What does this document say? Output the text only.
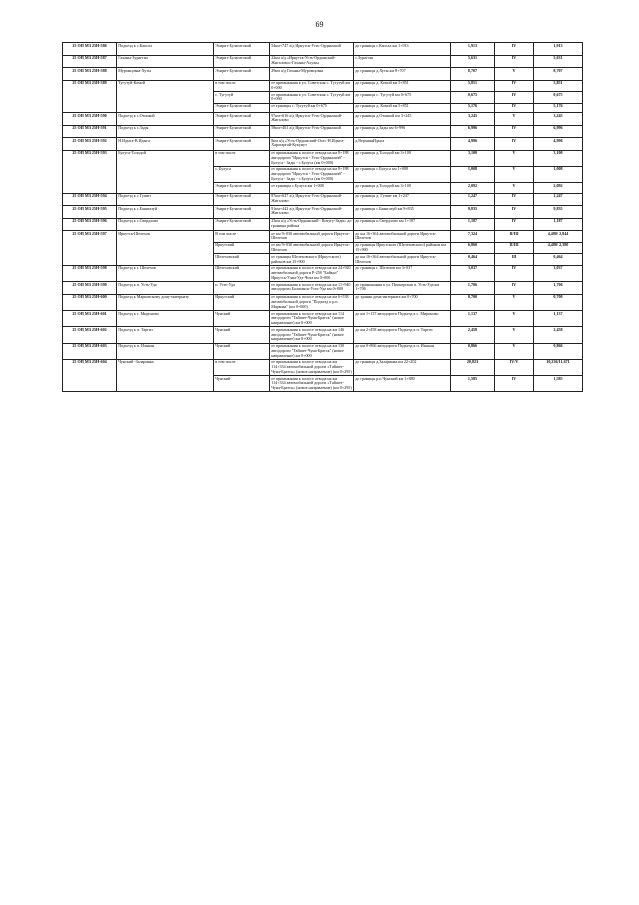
69
25 ОП МЗ 25Н-586	Подъезд к с.Капсал	Эхирит-Булагатский	54км+747 а/д Иркутск-Усть-Ордынский	до границы с.Капсал км 1+913	1,913	IV	1,913
25 ОП МЗ 25Н-587	Гаханы-Зурагган	Эхирит-Булагатский	22км а/д «Иркутск-Усть-Ордынский-Жигалово»-Гаханы-Алужы	с.Зурагган	5,631	IV	5,631
25 ОП МЗ 25Н-588	Муромцовка-Хуты	Эхирит-Булагатский	29км а/д Гаханы-Муромцовка	до границы д.Хуты км 8+707	8,707	V	8,707
25 ОП МЗ 25Н-589	Тугутуй-Комой	в том числе	от примыкания к ул. Советская с. Тугутуй км 0+000	до границы д. Комой км 5+851	5,851	IV	5,851
		с. Тугутуй	от примыкания к ул. Советская с. Тугутуй км 0+000	до границы с. Тугутуй км 0+675	0,675	IV	0,675
		Эхирит-Булагатский	от границы с. Тугутуй км 0+675	до границы д. Комой км 5+851	5,176	IV	5,176
25 ОП МЗ 25Н-590	Подъезд к с.Отонкой	Эхирит-Булагатский	97км+616 а/д Иркутск-Усть-Ордынский-Жигалово	до границы д.Отонкой км 3+245	3,245	V	3,245
25 ОП МЗ 25Н-591	Подъезд к с.Зады	Эхирит-Булагатский	58км+461 а/д Иркутск-Усть-Ордынский	до границы д.Зады км 6+996	6,996	IV	6,996
25 ОП МЗ 25Н-592	Н.Идыга-В.Идыга	Эхирит-Булагатский	8км а/д «Усть-Ордынский-Оса»-Н.Идыга-Харагаргай-Кукунут	д.ВерхняяИдыга	4,996	IV	4,996
25 ОП МЗ 25Н-593	Булуса-Толодой	в том числе	от примыкания к полосе отвода на км 8+188 автодороги "Иркутск - Усть-Ордынский" - Булуса - Зады - с.Булуса (км 0+000)	до границы д.Толодой км 3+100	3,100	V	3,100
		с. Булуса	от примыкания к полосе отвода на км 8+188 автодороги "Иркутск - Усть-Ордынский" - Булуса - Зады - с.Булуса (км 0+000)	до границы с.Булуса км 1+008	1,008	V	1,008
		Эхирит-Булагатский	от границы с.Булуса км 1+008	до границы д.Толодой км 3+100	2,092	V	2,092
25 ОП МЗ 25Н-594	Подъезд к с.Гушит	Эхирит-Булагатский	87км+627 а/д Иркутск-Усть-Ордынский-Жигалово	до границы д. Гушит км 1+247	1,247	IV	1,247
25 ОП МЗ 25Н-595	Подъезд к с.Баянгазуй	Эхирит-Булагатский	91км+442 а/д Иркутск-Усть-Ордынский-Жигалово	до границы с.Баянгазуй км 9+835	9,835	IV	9,835
25 ОП МЗ 25Н-596	Подъезд к с.Свердлово	Эхирит-Булагатский	23км а/д «Усть-Ордынский - Кочугу-Зады» до границы района	до границы п.Свердлово км 1+187	1,187	IV	1,187
25 ОП МЗ 25Н-597	Иркутск-Шелехов	В том числе	от км 9+030 автомобильной дороги Иркутск-Шелехов	до км 16+364 автомобильной дороги Иркутск-Шелехов	7,324	II/III	4,480/ 2,844
		Иркутский	от км 9+030 автомобильной дороги Иркутск-Шелехов	до границы Иркутского (Шелеховского) районов км 15+900	6,860	II/III	4,480/ 2,380
		Шелеховский	от границы Шелеховского (Иркутского) районов км 15+900	до км 16+364 автомобильной дороги Иркутск-Шелехов	0,464	III	0,464
25 ОП МЗ 25Н-598	Подъезд к г. Шелехов	Шелеховский	от примыкания к полосе отвода на км 24+920 автомобильной дороги Р-258 "Байкал" Иркутск-Улан-Удэ-Чита км 0+000	до границы г. Шелехов км 3+037	3,037	IV	3,037
25 ОП МЗ 25Н-599	Подъезд к п. Усть-Уда	п. Усть-Уда	от примыкания к полосе отвода на км 11+940 автодороги Балаганск-Усть-Уда км 0+000	до примыкания к ул. Пионерская п. Усть-Уда км 1+706	1,706	IV	1,706
25 ОП МЗ 25Н-600	Подъезд к Марковскому дому-интернату	Иркутский	от примыкания к полосе отвода на км 6+538 автомобильной дороги "Подъезд к р.п. Маркова" (км 0+000)	до здания дома-интерната км 0+700	0,700	V	0,700
25 ОП МЗ 25Н-601	Подъезд к с. Мироново	Чунский	от примыкания к полосе отвода на км 114 автодороги "Тайшет-Чуна-Братск" (новое направление) км 0+000	до км 1+137 автодороги Подъезд к с. Мироново	1,137	V	1,137
25 ОП МЗ 25Н-602	Подъезд к п. Таргиз	Чунский	от примыкания к полосе отвода на км 146 автодороги "Тайшет-Чуна-Братск" (новое направление) км 0+000	до км 2+458 автодороги Подъезд к п. Таргиз	2,458	V	2,458
25 ОП МЗ 25Н-603	Подъезд к п. Изыкан	Чунский	от примыкания к полосе отвода на км 130 автодороги "Тайшет-Чуна-Братск" (новое направление) км 0+000	до км 0+866 автодороги Подъезд к п. Изыкан	0,866	V	0,866
25 ОП МЗ 25Н-604	Чунский -Заларинка	в том числе	от примыкания к полосе отвода на км 114+334 автомобильной дороги «Тайшет-Чуна-Братск» (новое направление) (км 0+295)	до границы д.Заларинка км 22+202	20,823	IV/V	10,236/11,671
		Чунский	от примыкания к полосе отвода на км 114+334 автомобильной дороги «Тайшет-Чуна-Братск» (новое направление) (км 0+295)	до границы р.п.Чунский км 1+880	1,585	IV	1,585
